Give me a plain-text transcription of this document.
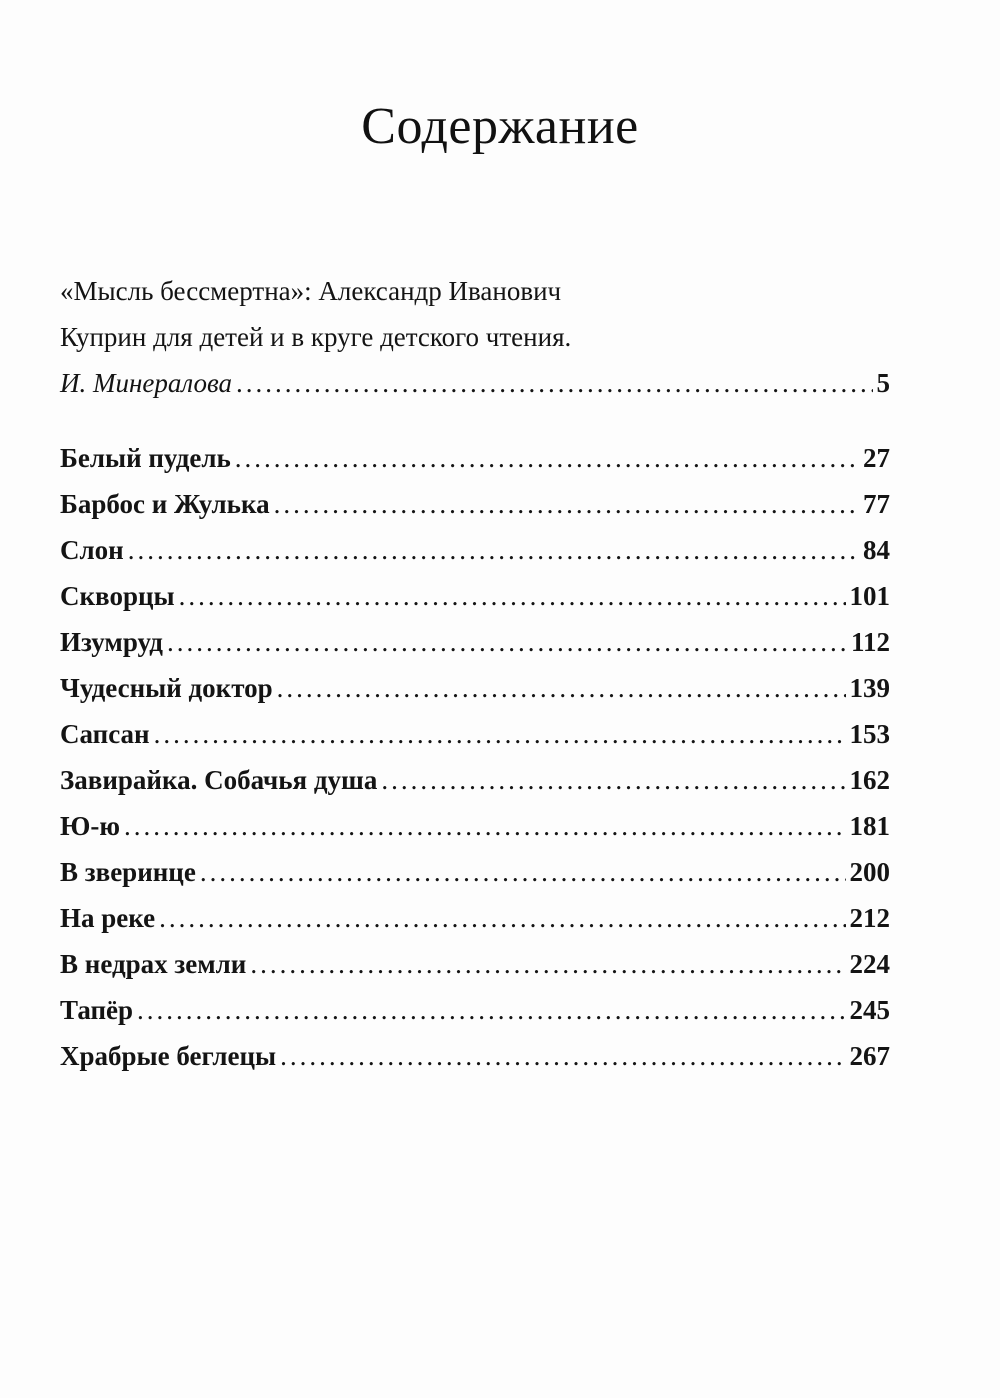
Содержание
«Мысль бессмертна»: Александр Иванович
Куприн для детей и в круге детского чтения.
И. Минералова .....	5
Белый пудель .....	27
Барбос и Жулька .....	77
Слон .....	84
Скворцы .....	101
Изумруд .....	112
Чудесный доктор .....	139
Сапсан .....	153
Завирайка. Собачья душа .....	162
Ю-ю .....	181
В зверинце .....	200
На реке .....	212
В недрах земли .....	224
Тапёр .....	245
Храбрые беглецы .....	267
